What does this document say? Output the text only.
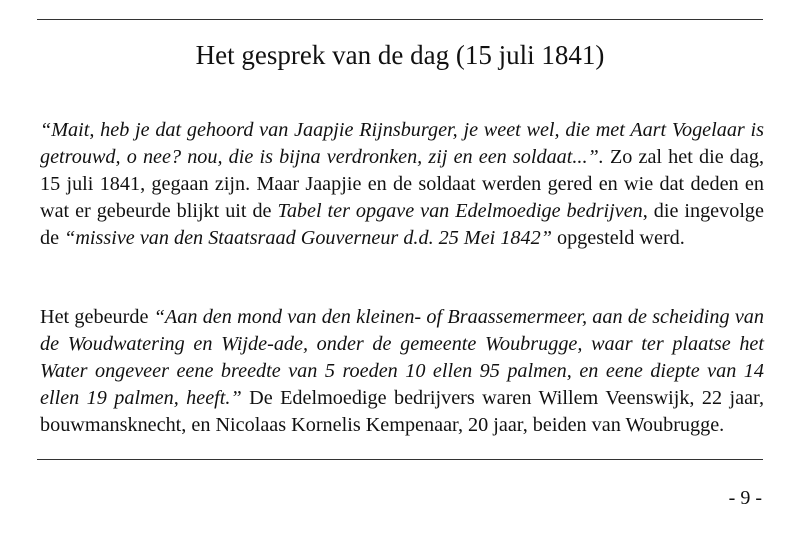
Het gesprek van de dag (15 juli 1841)

“Mait, heb je dat gehoord van Jaapjie Rijnsburger, je weet wel, die met Aart Vogelaar is getrouwd, o nee? nou, die is bijna verdronken, zij en een soldaat...”. Zo zal het die dag, 15 juli 1841, gegaan zijn. Maar Jaapjie en de soldaat werden gered en wie dat deden en wat er gebeurde blijkt uit de Tabel ter opgave van Edelmoedige bedrijven, die ingevolge de “missive van den Staatsraad Gouverneur d.d. 25 Mei 1842” opgesteld werd.

Het gebeurde “Aan den mond van den kleinen- of Braassemermeer, aan de scheiding van de Woudwatering en Wijde-ade, onder de gemeente Woubrugge, waar ter plaatse het Water ongeveer eene breedte van 5 roeden 10 ellen 95 palmen, en eene diepte van 14 ellen 19 palmen, heeft.” De Edelmoedige bedrijvers waren Willem Veenswijk, 22 jaar, bouwmansknecht, en Nicolaas Kornelis Kempenaar, 20 jaar, beiden van Woubrugge.

- 9 -
